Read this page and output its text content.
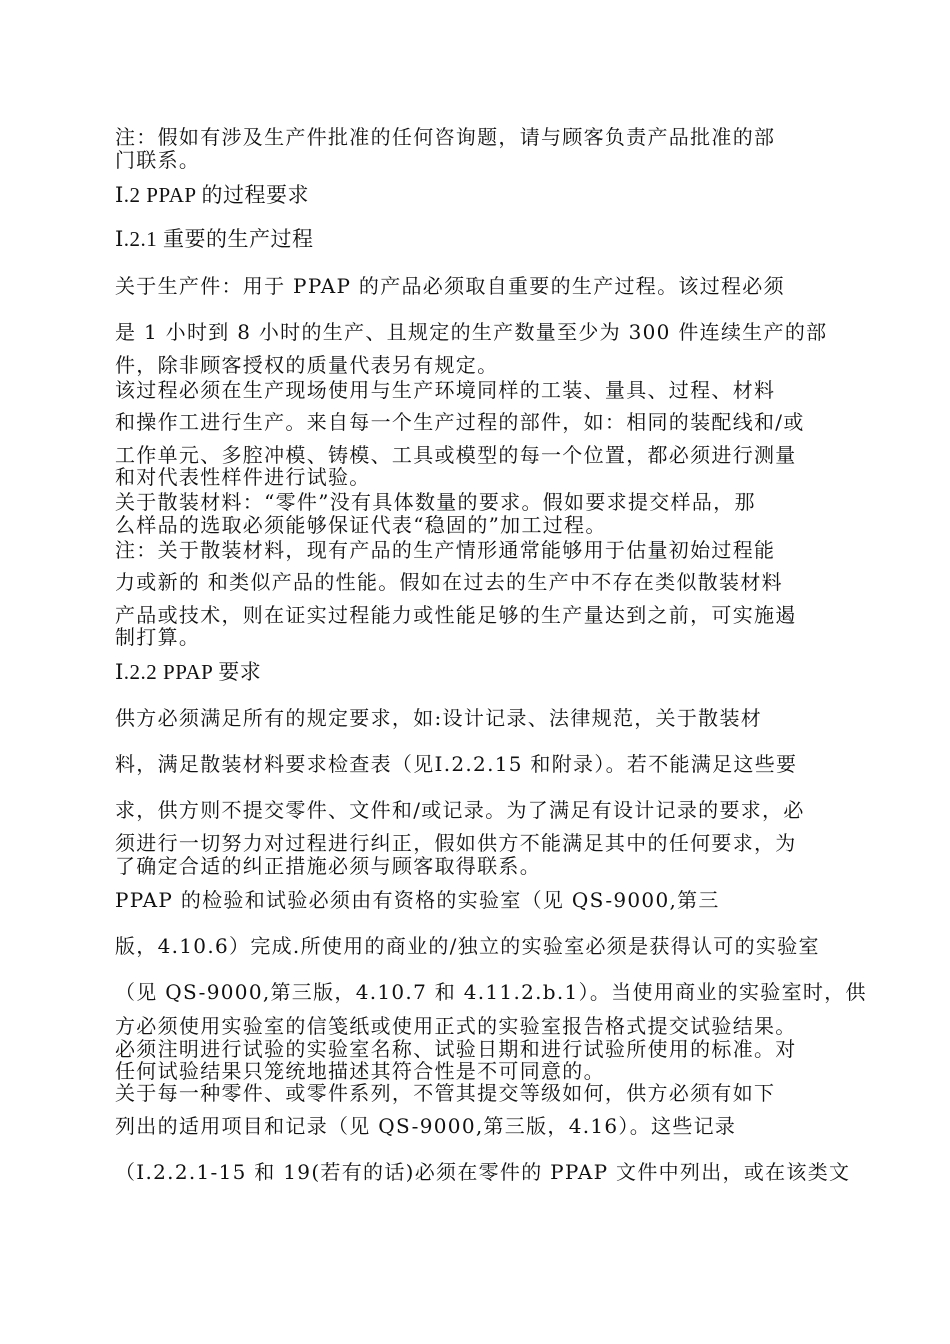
注：假如有涉及生产件批准的任何咨询题，请与顾客负责产品批准的部
门联系。
Ⅰ.2 PPAP 的过程要求
Ⅰ.2.1 重要的生产过程
关于生产件：用于 PPAP 的产品必须取自重要的生产过程。该过程必须
是 1 小时到 8 小时的生产、且规定的生产数量至少为 300 件连续生产的部
件，除非顾客授权的质量代表另有规定。
该过程必须在生产现场使用与生产环境同样的工装、量具、过程、材料
和操作工进行生产。来自每一个生产过程的部件，如：相同的装配线和/或
工作单元、多腔冲模、铸模、工具或模型的每一个位置，都必须进行测量
和对代表性样件进行试验。
关于散装材料：“零件”没有具体数量的要求。假如要求提交样品，那
么样品的选取必须能够保证代表“稳固的”加工过程。
注：关于散装材料，现有产品的生产情形通常能够用于估量初始过程能
力或新的 和类似产品的性能。假如在过去的生产中不存在类似散装材料
产品或技术，则在证实过程能力或性能足够的生产量达到之前，可实施遏
制打算。
Ⅰ.2.2 PPAP 要求
供方必须满足所有的规定要求，如:设计记录、法律规范，关于散装材
料，满足散装材料要求检查表（见Ⅰ.2.2.15 和附录）。若不能满足这些要
求，供方则不提交零件、文件和/或记录。为了满足有设计记录的要求，必
须进行一切努力对过程进行纠正，假如供方不能满足其中的任何要求，为
了确定合适的纠正措施必须与顾客取得联系。
PPAP 的检验和试验必须由有资格的实验室（见 QS-9000,第三
版，4.10.6）完成.所使用的商业的/独立的实验室必须是获得认可的实验室
（见 QS-9000,第三版，4.10.7 和 4.11.2.b.1）。当使用商业的实验室时，供
方必须使用实验室的信笺纸或使用正式的实验室报告格式提交试验结果。
必须注明进行试验的实验室名称、试验日期和进行试验所使用的标准。对
任何试验结果只笼统地描述其符合性是不可同意的。
关于每一种零件、或零件系列，不管其提交等级如何，供方必须有如下
列出的适用项目和记录（见 QS-9000,第三版，4.16）。这些记录
（Ⅰ.2.2.1-15 和 19(若有的话)必须在零件的 PPAP 文件中列出，或在该类文
